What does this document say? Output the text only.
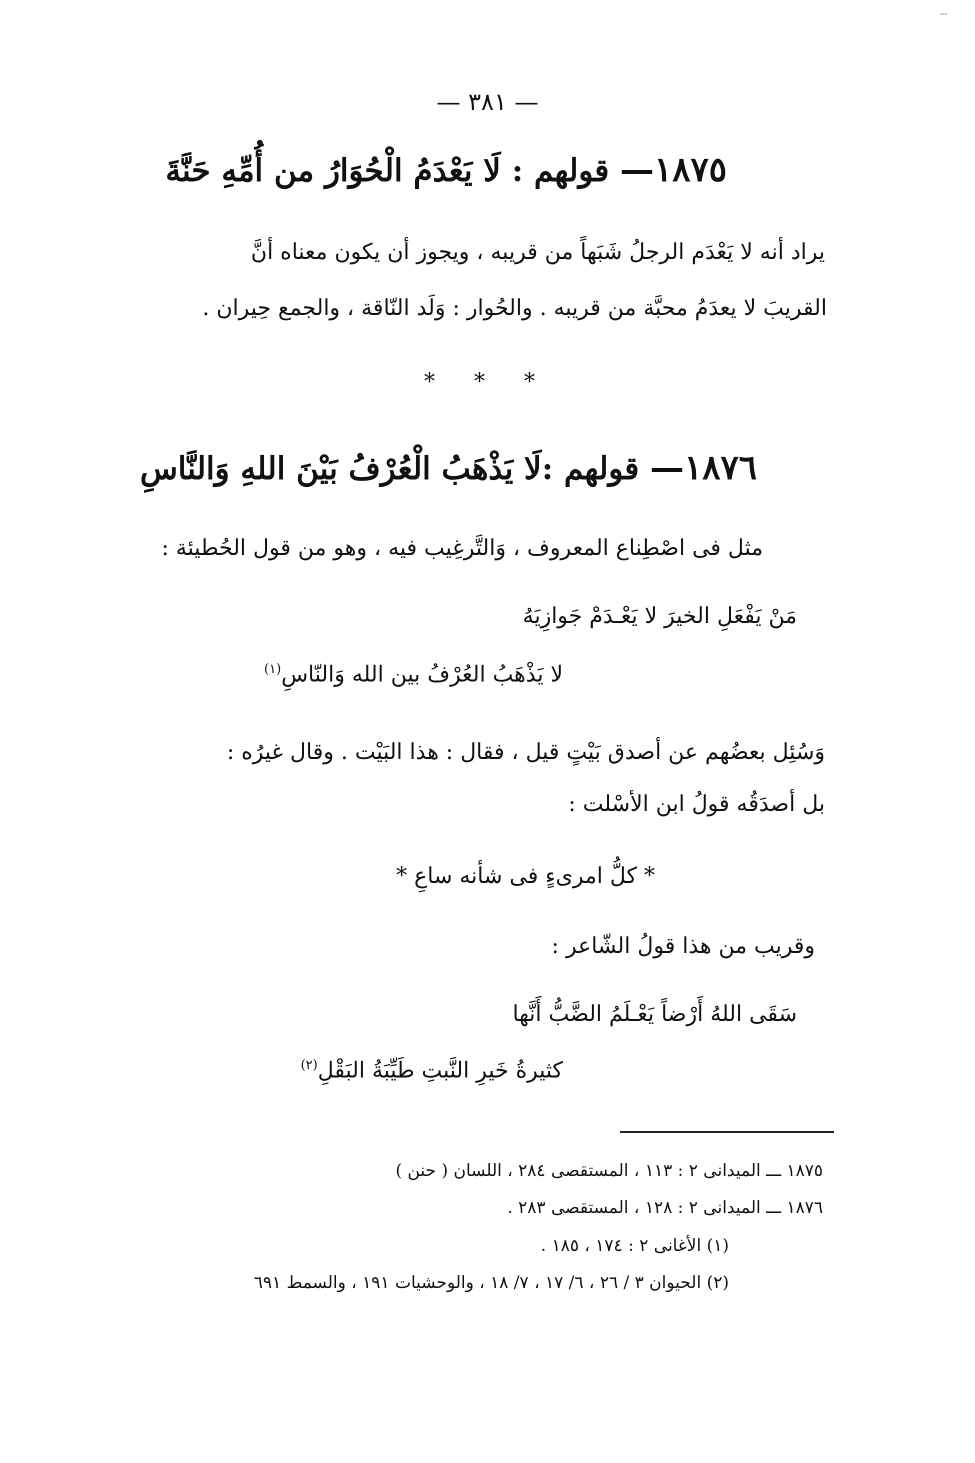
ᵃᵃᵃ
— ٣٨١ —
١٨٧٥— قولهم : لَا يَعْدَمُ الْحُوَارُ من أُمِّهِ حَنَّةَ
يراد أنه لا يَعْدَم الرجلُ شَبَهاً من قريبه ، ويجوز أن يكون معناه أنَّ
القريبَ لا يعدَمُ محبَّة من قريبه . والحُوار : وَلَد النّاقة ، والجمع حِيران .
* * *
١٨٧٦— قولهم :لَا يَذْهَبُ الْعُرْفُ بَيْنَ اللهِ وَالنَّاسِ
مثل فى اصْطِناع المعروف ، وَالتَّرغِيب فيه ، وهو من قول الحُطيئة :
مَنْ يَفْعَلِ الخيرَ لا يَعْـدَمْ جَوازِيَهُ
لا يَذْهَبُ العُرْفُ بين الله وَالنّاسِ$^{(١)}$
وَسُئِل بعضُهم عن أصدق بَيْتٍ قيل ، فقال : هذا البَيْت . وقال غيرُه :
بل أصدَقُه قولُ ابن الأسْلت :
* كلُّ امرىءٍ فى شأنه ساعِ *
وقريب من هذا قولُ الشّاعر :
سَقَى اللهُ أَرْضاً يَعْـلَمُ الضَّبُّ أَنَّها
كثيرةُ خَيرِ النَّبتِ طَيِّبَةُ البَقْلِ$^{(٢)}$
١٨٧٥ ـــ الميدانى ٢ : ١١٣ ، المستقصى ٢٨٤ ، اللسان ( حنن )
١٨٧٦ ـــ الميدانى ٢ : ١٢٨ ، المستقصى ٢٨٣ .
(١) الأغانى ٢ : ١٧٤ ، ١٨٥ .
(٢) الحيوان ٣ / ٢٦ ، ٦/ ١٧ ، ٧/ ١٨ ، والوحشيات ١٩١ ، والسمط ٦٩١
